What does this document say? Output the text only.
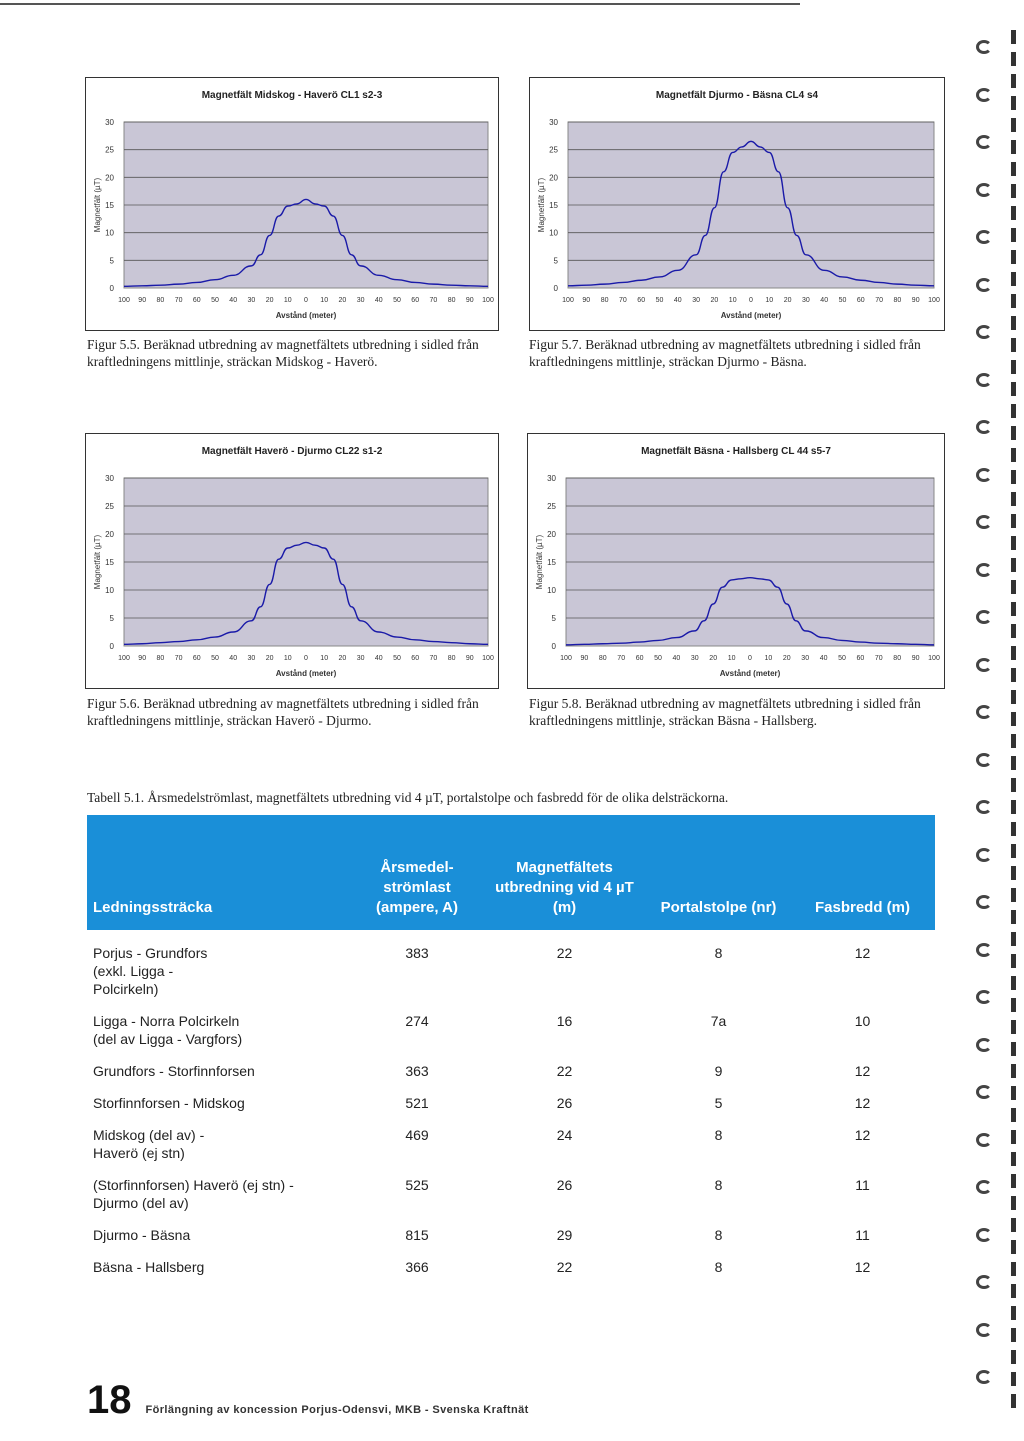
Magnetfält Midskog - Haverö CL1 s2-3
0
5
10
15
20
25
30
100 90 80 70 60 50 40 30 20 10 0 10 20 30 40 50 60 70 80 90 100
Avstånd (meter)
Magnetfält (µT)
Magnetfält Djurmo - Bäsna CL4 s4
0
5
10
15
20
25
30
100 90 80 70 60 50 40 30 20 10 0 10 20 30 40 50 60 70 80 90 100
Avstånd (meter)
Magnetfält (µT)
Magnetfält Haverö - Djurmo CL22 s1-2
0
5
10
15
20
25
30
100 90 80 70 60 50 40 30 20 10 0 10 20 30 40 50 60 70 80 90 100
Avstånd (meter)
Magnetfält (µT)
Magnetfält Bäsna - Hallsberg CL 44 s5-7
0
5
10
15
20
25
30
100 90 80 70 60 50 40 30 20 10 0 10 20 30 40 50 60 70 80 90 100
Avstånd (meter)
Magnetfält (µT)
Figur 5.5. Beräknad utbredning av magnetfältets utbredning i sidled från kraftledningens mittlinje, sträckan Midskog - Haverö.
Figur 5.7. Beräknad utbredning av magnetfältets utbredning i sidled från kraftledningens mittlinje, sträckan Djurmo - Bäsna.
Figur 5.6. Beräknad utbredning av magnetfältets utbredning i sidled från kraftledningens mittlinje, sträckan Haverö - Djurmo.
Figur 5.8. Beräknad utbredning av magnetfältets utbredning i sidled från kraftledningens mittlinje, sträckan Bäsna - Hallsberg.
Tabell 5.1. Årsmedelströmlast, magnetfältets utbredning vid 4 µT, portalstolpe och fasbredd för de olika delsträckorna.
Ledningssträcka	Årsmedel- strömlast (ampere, A)	Magnetfältets utbredning vid 4 µT (m)	Portalstolpe (nr)	Fasbredd (m)
Porjus - Grundfors (exkl. Ligga - Polcirkeln)	383	22	8	12
Ligga - Norra Polcirkeln (del av Ligga - Vargfors)	274	16	7a	10
Grundfors - Storfinnforsen	363	22	9	12
Storfinnforsen - Midskog	521	26	5	12
Midskog (del av) - Haverö (ej stn)	469	24	8	12
(Storfinnforsen) Haverö (ej stn) - Djurmo (del av)	525	26	8	11
Djurmo - Bäsna	815	29	8	11
Bäsna - Hallsberg	366	22	8	12
18 Förlängning av koncession Porjus-Odensvi, MKB - Svenska Kraftnät
